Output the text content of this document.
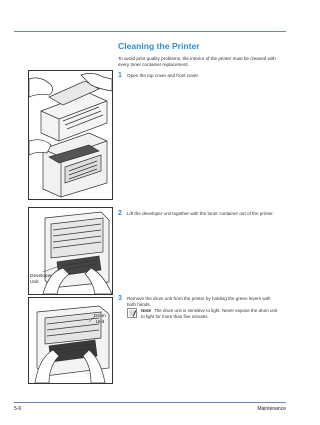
Cleaning the Printer
To avoid print quality problems, the interior of the printer must be cleaned with every toner container replacement.
1 Open the top cover and front cover.
Developer
Unit
2 Lift the developer unit together with the toner container out of the printer.
Drum
Unit
3 Remove the drum unit from the printer by holding the green levers with both hands.
Note The drum unit is sensitive to light. Never expose the drum unit to light for more than five minutes.
5-6	Maintenance
